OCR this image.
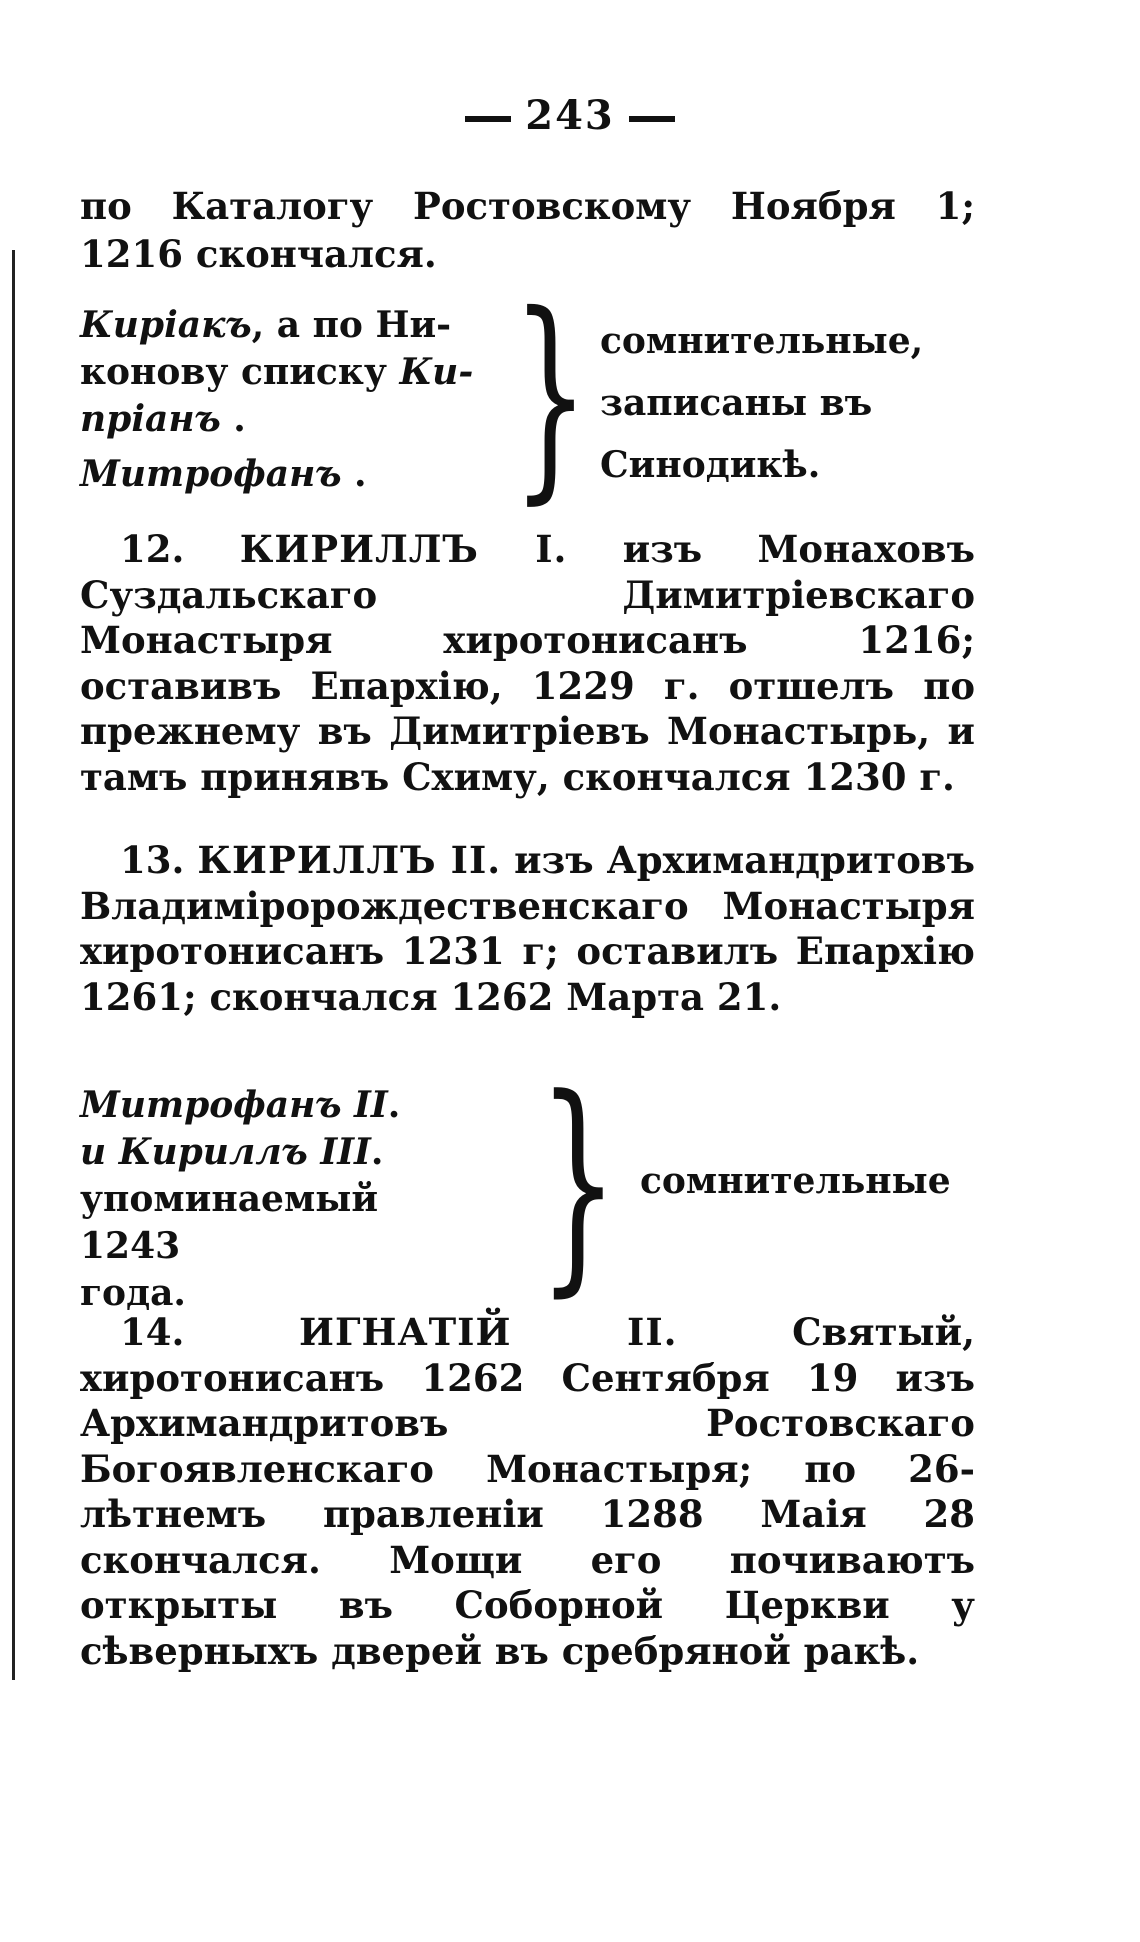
243
по Каталогу Ростовскому Ноября 1; 1216 скончался.
Киріакъ, а по Ни-
конову списку Ки-
пріанъ .
Митрофанъ . } сомнительные, записаны въ Синодикѣ.
12. КИРИЛЛЪ I. изъ Монаховъ Суздальскаго Димитріевскаго Монастыря хиротонисанъ 1216; оставивъ Епархію, 1229 г. отшелъ по прежнему въ Димитріевъ Монастырь, и тамъ принявъ Схиму, скончался 1230 г.
13. КИРИЛЛЪ II. изъ Архимандритовъ Владиміророждественскаго Монастыря хиротонисанъ 1231 г; оставилъ Епархію 1261; скончался 1262 Марта 21.
Митрофанъ II.
и Кириллъ III.
упоминаемый 1243
года.	} сомнительные
14.	ИГНАТІЙ II.	Святый, хиротонисанъ 1262 Сентября 19 изъ Архимандритовъ Ростовскаго Богоявленскаго Монастыря; по 26-лѣтнемъ правленіи 1288 Маія 28 скончался. Мощи его почиваютъ открыты въ Соборной Церкви у сѣверныхъ дверей въ сребряной ракѣ.
